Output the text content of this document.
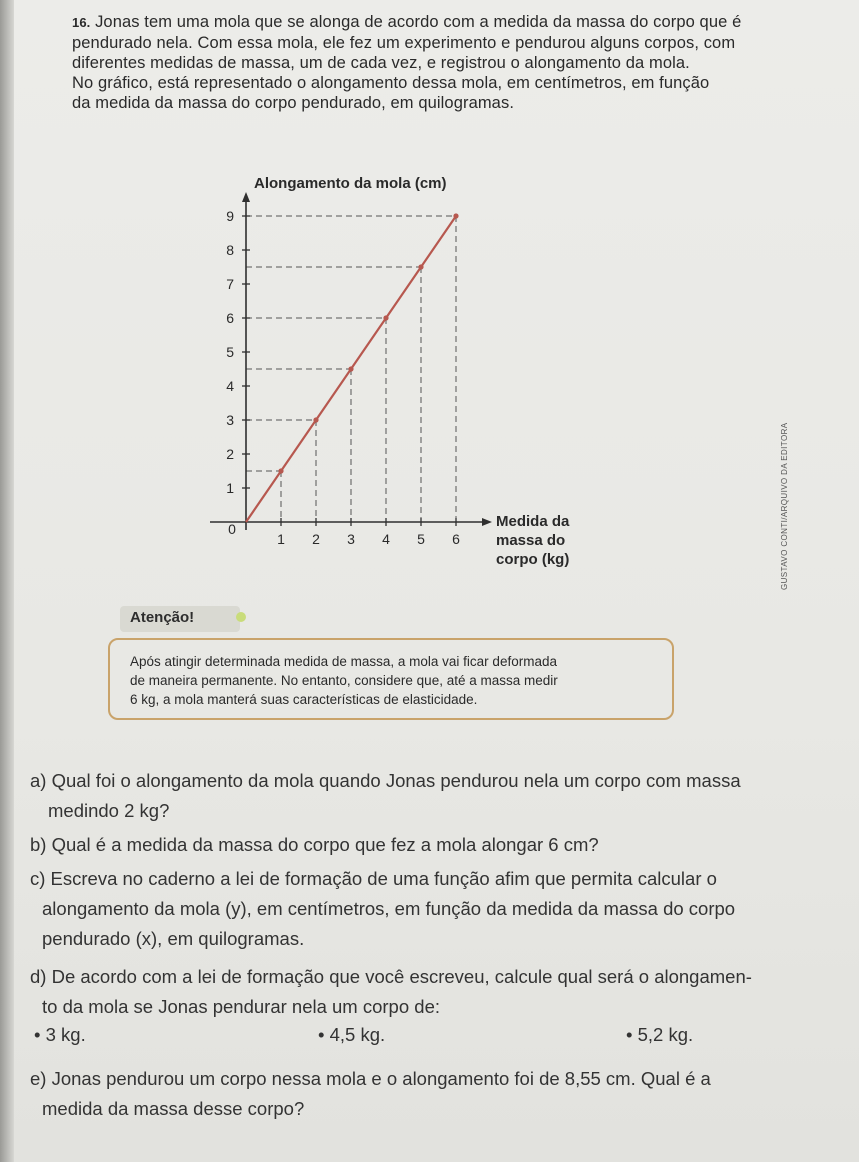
16. Jonas tem uma mola que se alonga de acordo com a medida da massa do corpo que é
pendurado nela. Com essa mola, ele fez um experimento e pendurou alguns corpos, com
diferentes medidas de massa, um de cada vez, e registrou o alongamento da mola.
No gráfico, está representado o alongamento dessa mola, em centímetros, em função
da medida da massa do corpo pendurado, em quilogramas.
Alongamento da mola (cm)
1
2
3
4
5
6
7
8
9
0
1 2 3 4 5 6
Medida da massa do corpo (kg)	GUSTAVO CONTI/ARQUIVO DA EDITORA
Atenção!
Após atingir determinada medida de massa, a mola vai ficar deformada
de maneira permanente. No entanto, considere que, até a massa medir
6 kg, a mola manterá suas características de elasticidade.
a) Qual foi o alongamento da mola quando Jonas pendurou nela um corpo com massa
medindo 2 kg?
b) Qual é a medida da massa do corpo que fez a mola alongar 6 cm?
c) Escreva no caderno a lei de formação de uma função afim que permita calcular o
alongamento da mola (y), em centímetros, em função da medida da massa do corpo
pendurado (x), em quilogramas.
d) De acordo com a lei de formação que você escreveu, calcule qual será o alongamen-
to da mola se Jonas pendurar nela um corpo de:
• 3 kg.	• 4,5 kg.	• 5,2 kg.
e) Jonas pendurou um corpo nessa mola e o alongamento foi de 8,55 cm. Qual é a
medida da massa desse corpo?
